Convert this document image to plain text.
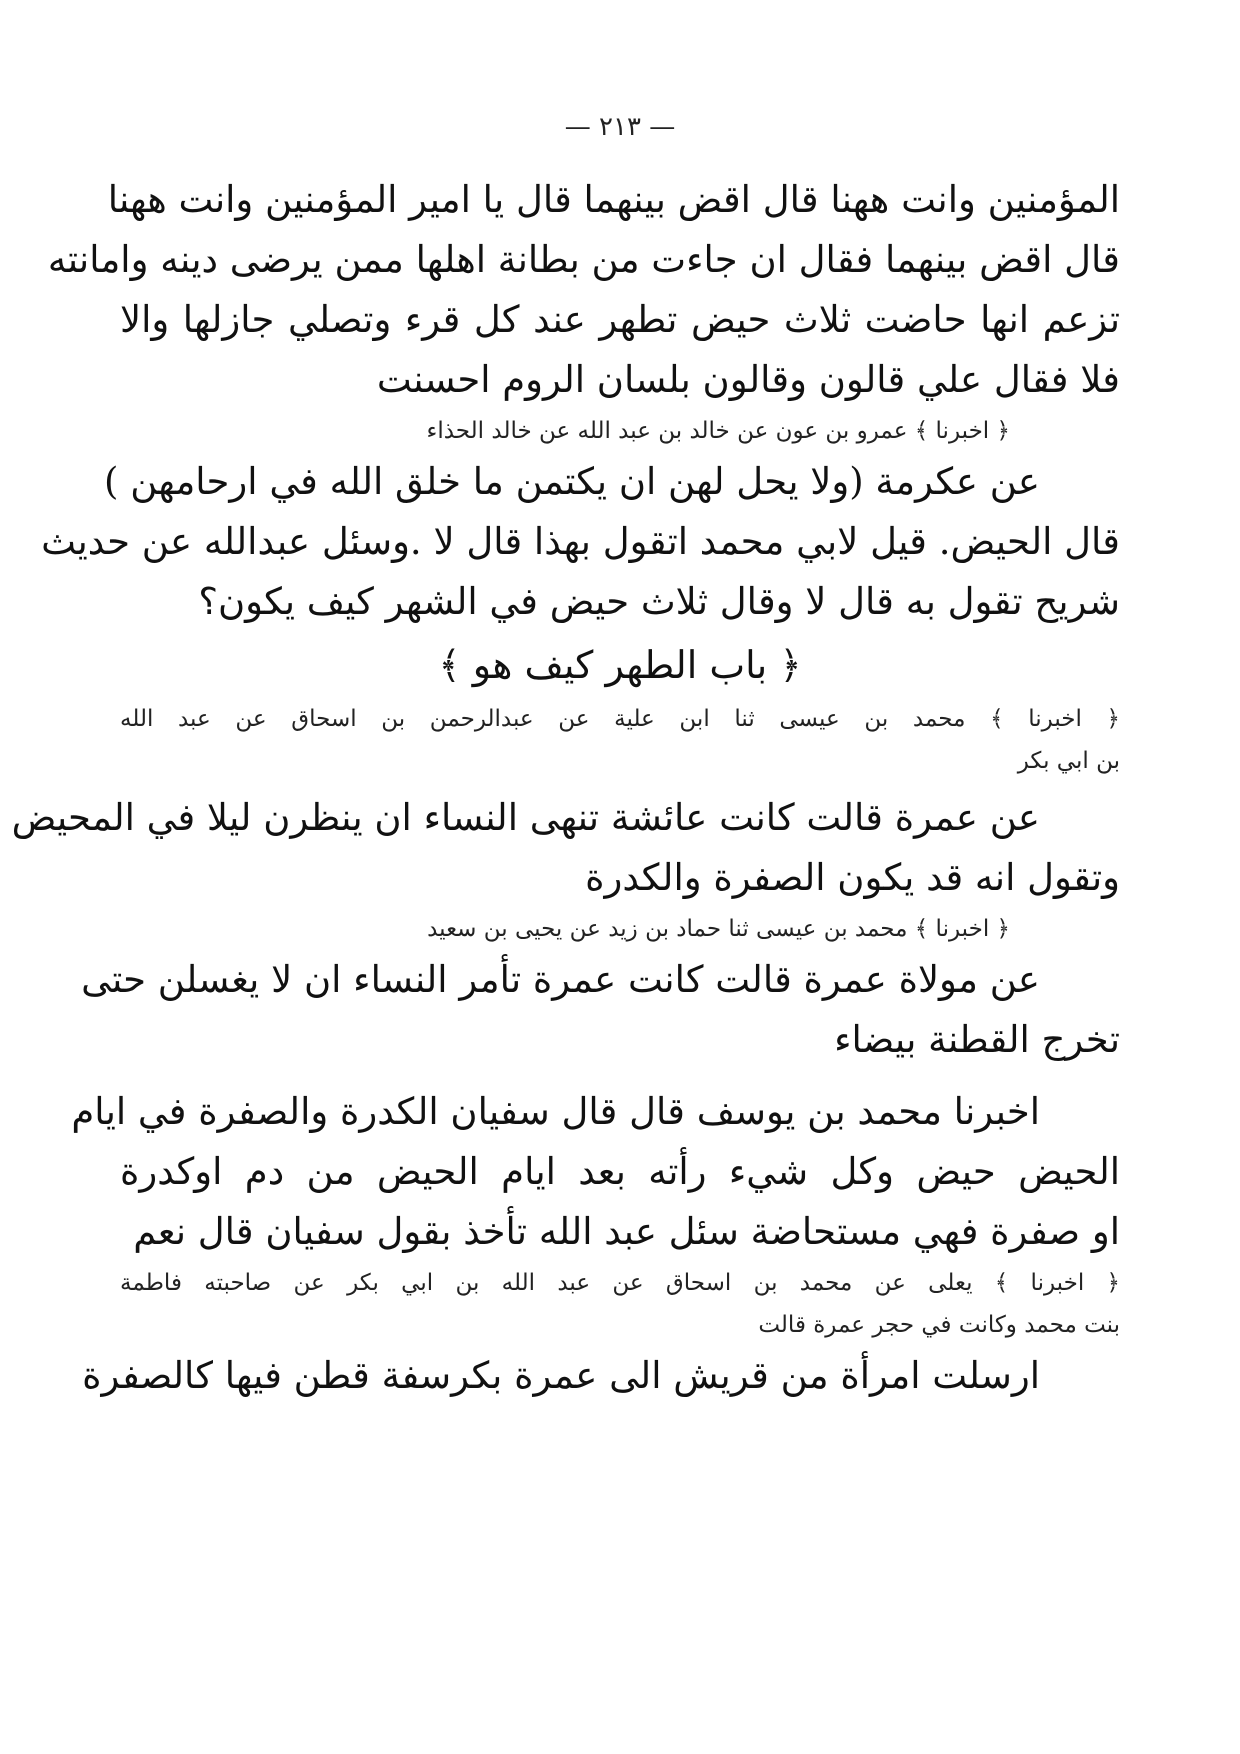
— ٢١٣ —
المؤمنين وانت ههنا قال اقض بينهما قال يا امير المؤمنين وانت ههنا
قال اقض بينهما فقال ان جاءت من بطانة اهلها ممن يرضى دينه وامانته
تزعم انها حاضت ثلاث حيض تطهر عند كل قرء وتصلي جازلها والا
فلا فقال علي قالون وقالون بلسان الروم احسنت
﴿ اخبرنا ﴾ عمرو بن عون عن خالد بن عبد الله عن خالد الحذاء
عن عكرمة (ولا يحل لهن ان يكتمن ما خلق الله في ارحامهن )
قال الحيض. قيل لابي محمد اتقول بهذا قال لا .وسئل عبدالله عن حديث
شريح تقول به قال لا وقال ثلاث حيض في الشهر كيف يكون؟
﴿ باب الطهر كيف هو ﴾
﴿ اخبرنا ﴾ محمد بن عيسى ثنا ابن علية عن عبدالرحمن بن اسحاق عن عبد الله
بن ابي بكر
عن عمرة قالت كانت عائشة تنهى النساء ان ينظرن ليلا في المحيض
وتقول انه قد يكون الصفرة والكدرة
﴿ اخبرنا ﴾ محمد بن عيسى ثنا حماد بن زيد عن يحيى بن سعيد
عن مولاة عمرة قالت كانت عمرة تأمر النساء ان لا يغسلن حتى
تخرج القطنة بيضاء
اخبرنا محمد بن يوسف قال قال سفيان الكدرة والصفرة في ايام
الحيض حيض وكل شيء رأته بعد ايام الحيض من دم اوكدرة
او صفرة فهي مستحاضة سئل عبد الله تأخذ بقول سفيان قال نعم
﴿ اخبرنا ﴾ يعلى عن محمد بن اسحاق عن عبد الله بن ابي بكر عن صاحبته فاطمة
بنت محمد وكانت في حجر عمرة قالت
ارسلت امرأة من قريش الى عمرة بكرسفة قطن فيها كالصفرة
